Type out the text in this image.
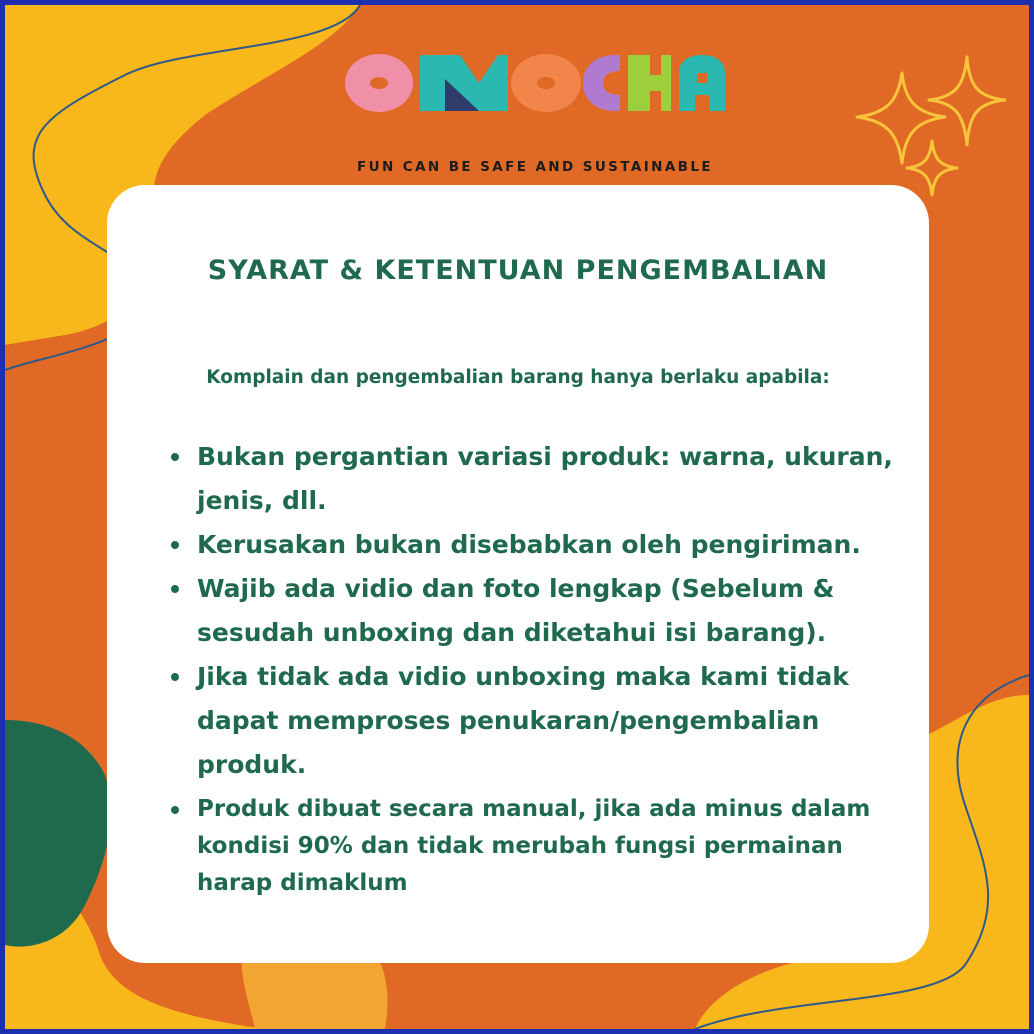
FUN CAN BE SAFE AND SUSTAINABLE
SYARAT & KETENTUAN PENGEMBALIAN
Komplain dan pengembalian barang hanya berlaku apabila:
Bukan pergantian variasi produk: warna, ukuran, jenis, dll.
Kerusakan bukan disebabkan oleh pengiriman.
Wajib ada vidio dan foto lengkap (Sebelum & sesudah unboxing dan diketahui isi barang).
Jika tidak ada vidio unboxing maka kami tidak dapat memproses penukaran/pengembalian produk.
Produk dibuat secara manual, jika ada minus dalam kondisi 90% dan tidak merubah fungsi permainan harap dimaklum
